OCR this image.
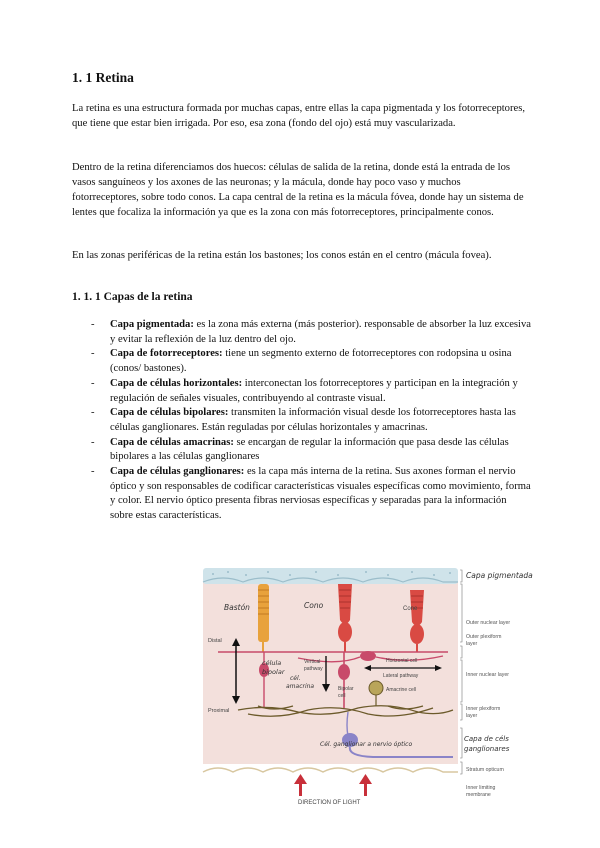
1. 1 Retina

La retina es una estructura formada por muchas capas, entre ellas la capa pigmentada y los fotorreceptores, que tiene que estar bien irrigada. Por eso, esa zona (fondo del ojo) está muy vascularizada.

Dentro de la retina diferenciamos dos huecos: células de salida de la retina, donde está la entrada de los vasos sanguíneos y los axones de las neuronas; y la mácula, donde hay poco vaso y muchos fotorreceptores, sobre todo conos. La capa central de la retina es la mácula fóvea, donde hay un sistema de lentes que focaliza la información ya que es la zona con más fotorreceptores, principalmente conos.

En las zonas periféricas de la retina están los bastones; los conos están en el centro (mácula fovea).

1. 1. 1 Capas de la retina
- Capa pigmentada: es la zona más externa (más posterior). responsable de absorber la luz excesiva y evitar la reflexión de la luz dentro del ojo.
- Capa de fotorreceptores: tiene un segmento externo de fotorreceptores con rodopsina u osina (conos/ bastones).
- Capa de células horizontales: interconectan los fotorreceptores y participan en la integración y regulación de señales visuales, contribuyendo al contraste visual.
- Capa de células bipolares: transmiten la información visual desde los fotorreceptores hasta las células ganglionares. Están reguladas por células horizontales y amacrinas.
- Capa de células amacrinas: se encargan de regular la información que pasa desde las células bipolares a las células ganglionares
- Capa de células ganglionares: es la capa más interna de la retina. Sus axones forman el nervio óptico y son responsables de codificar características visuales específicas como movimiento, forma y color. El nervio óptico presenta fibras nerviosas específicas y separadas para la información sobre estas características.
Cone
Distal
Proximal
Vertical
pathway
Bipolar
cell
Horizontal cell
Lateral pathway
Amacrine cell
DIRECTION OF LIGHT
Capa pigmentada
Bastón	Cono
célula
bipolar
cél.
amacrina
Capa de céls
ganglionares
Cél. ganglionar a nervio óptico
Outer nuclear layer
Outer plexiform
layer
Inner nuclear layer
Inner plexiform
layer
Stratum opticum
Inner limiting
membrane
